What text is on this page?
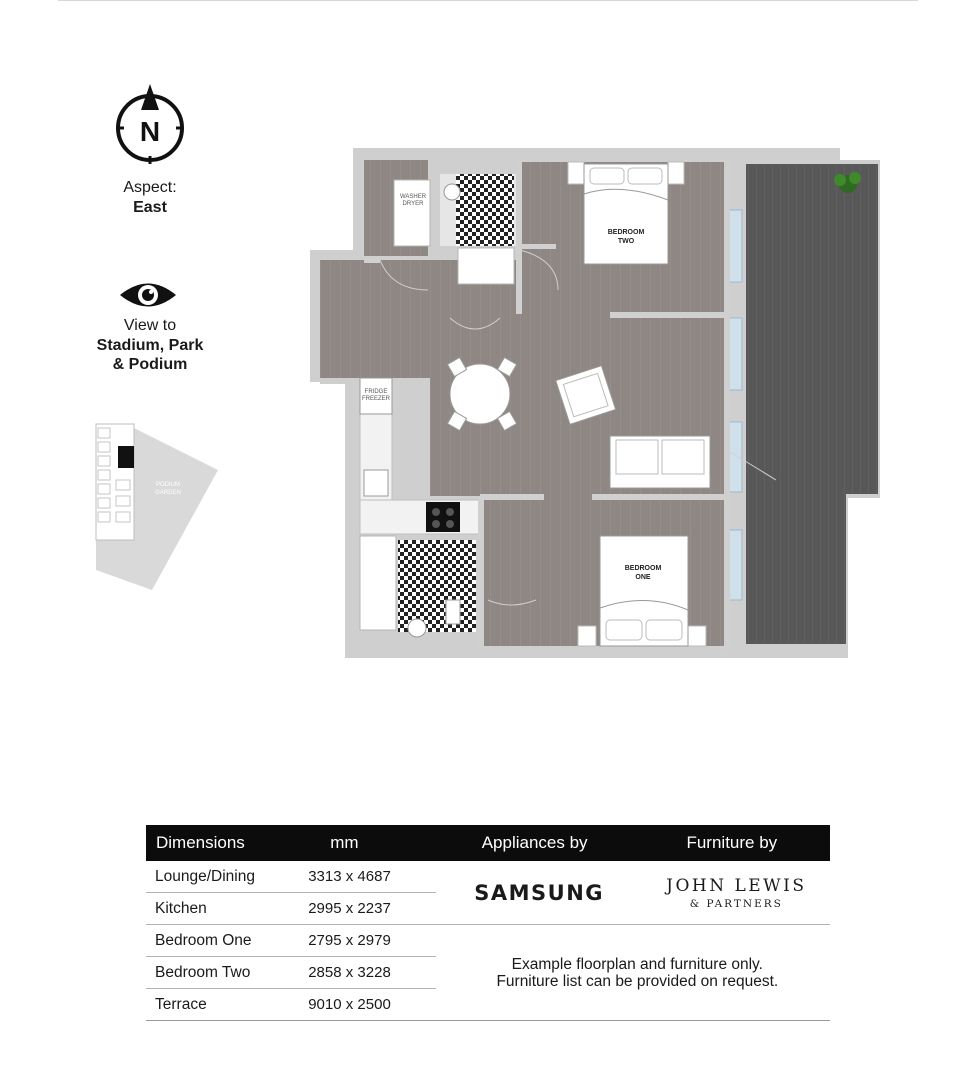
N
Aspect:
East
View to
Stadium, Park
& Podium
PODIUM
GARDEN
WASHER
DRYER
FRIDGE
FREEZER
BEDROOM
TWO
BEDROOM
ONE
Dimensions	mm	Appliances by	Furniture by
Lounge/Dining	3313 x 4687	SAMSUNG	JOHN LEWIS
& PARTNERS

Kitchen	2995 x 2237		
Bedroom One	2795 x 2979	Example floorplan and furniture only.
Furniture list can be provided on request.	

Bedroom Two	2858 x 3228		
Terrace	9010 x 2500		
